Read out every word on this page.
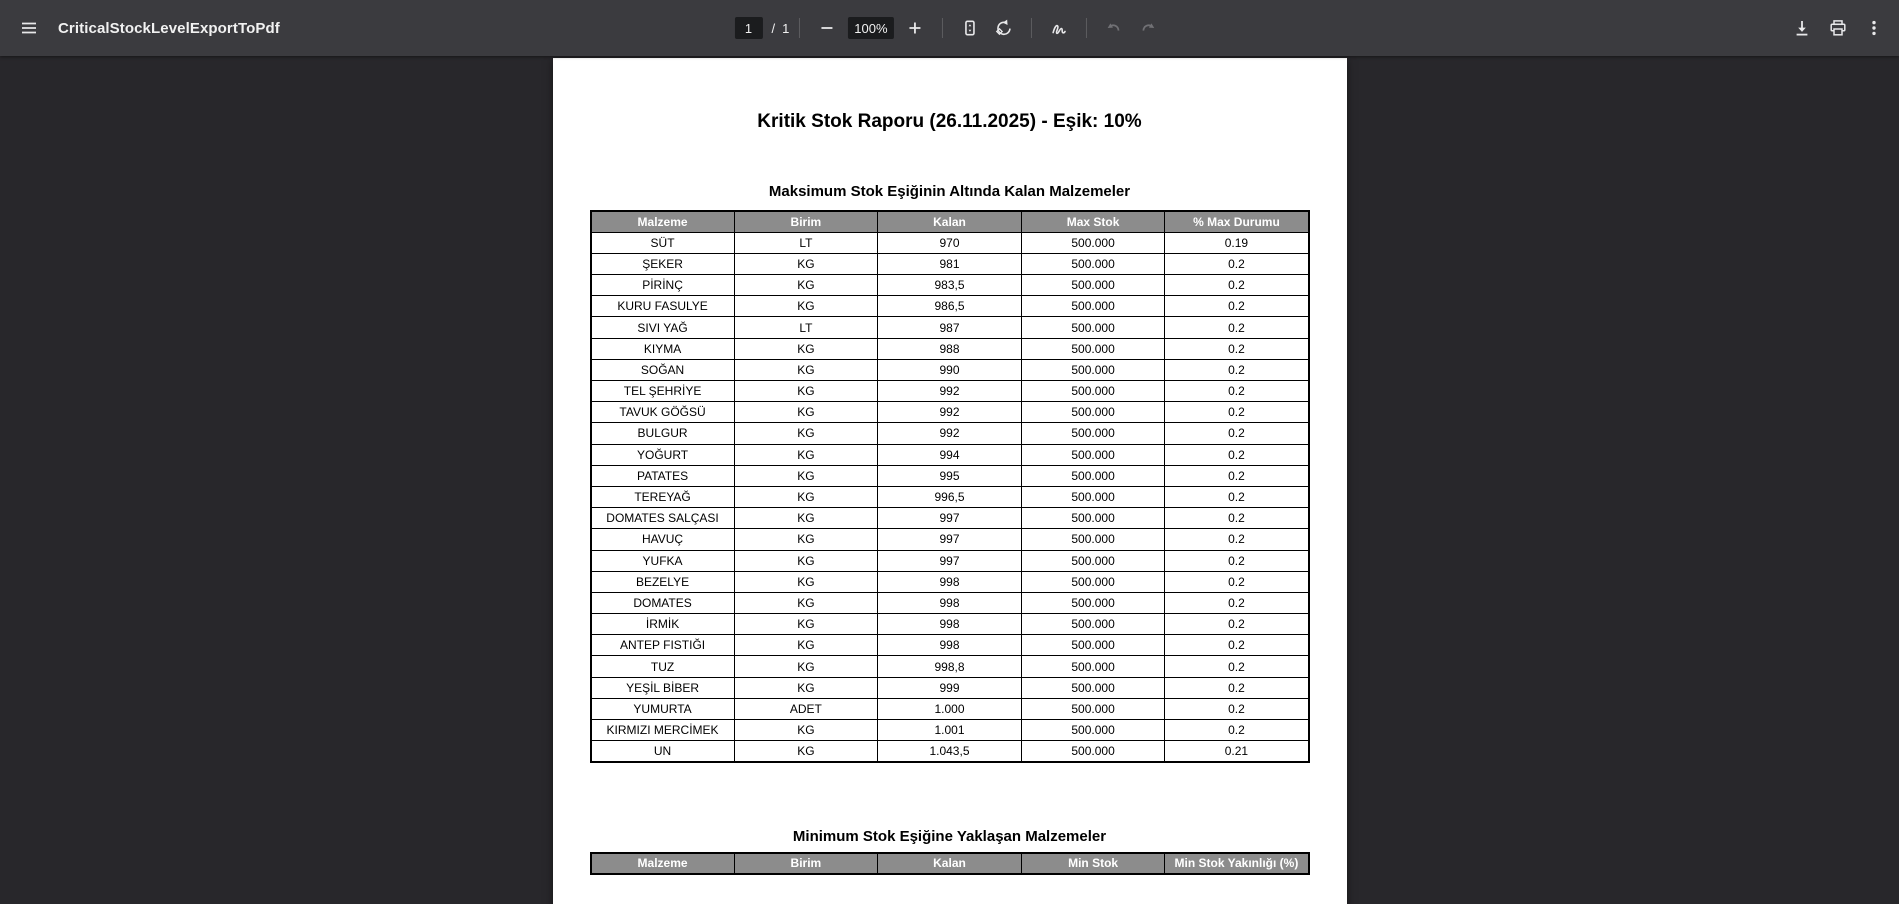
CriticalStockLevelExportToPdf
1	/ 1	100%
Kritik Stok Raporu (26.11.2025) - Eşik: 10%
Maksimum Stok Eşiğinin Altında Kalan Malzemeler
Malzeme	Birim	Kalan	Max Stok	% Max Durumu
SÜT	LT	970	500.000	0.19
ŞEKER	KG	981	500.000	0.2
PİRİNÇ	KG	983,5	500.000	0.2
KURU FASULYE	KG	986,5	500.000	0.2
SIVI YAĞ	LT	987	500.000	0.2
KIYMA	KG	988	500.000	0.2
SOĞAN	KG	990	500.000	0.2
TEL ŞEHRİYE	KG	992	500.000	0.2
TAVUK GÖĞSÜ	KG	992	500.000	0.2
BULGUR	KG	992	500.000	0.2
YOĞURT	KG	994	500.000	0.2
PATATES	KG	995	500.000	0.2
TEREYAĞ	KG	996,5	500.000	0.2
DOMATES SALÇASI	KG	997	500.000	0.2
HAVUÇ	KG	997	500.000	0.2
YUFKA	KG	997	500.000	0.2
BEZELYE	KG	998	500.000	0.2
DOMATES	KG	998	500.000	0.2
İRMİK	KG	998	500.000	0.2
ANTEP FISTIĞI	KG	998	500.000	0.2
TUZ	KG	998,8	500.000	0.2
YEŞİL BİBER	KG	999	500.000	0.2
YUMURTA	ADET	1.000	500.000	0.2
KIRMIZI MERCİMEK	KG	1.001	500.000	0.2
UN	KG	1.043,5	500.000	0.21
Minimum Stok Eşiğine Yaklaşan Malzemeler
Malzeme	Birim	Kalan	Min Stok	Min Stok Yakınlığı (%)
